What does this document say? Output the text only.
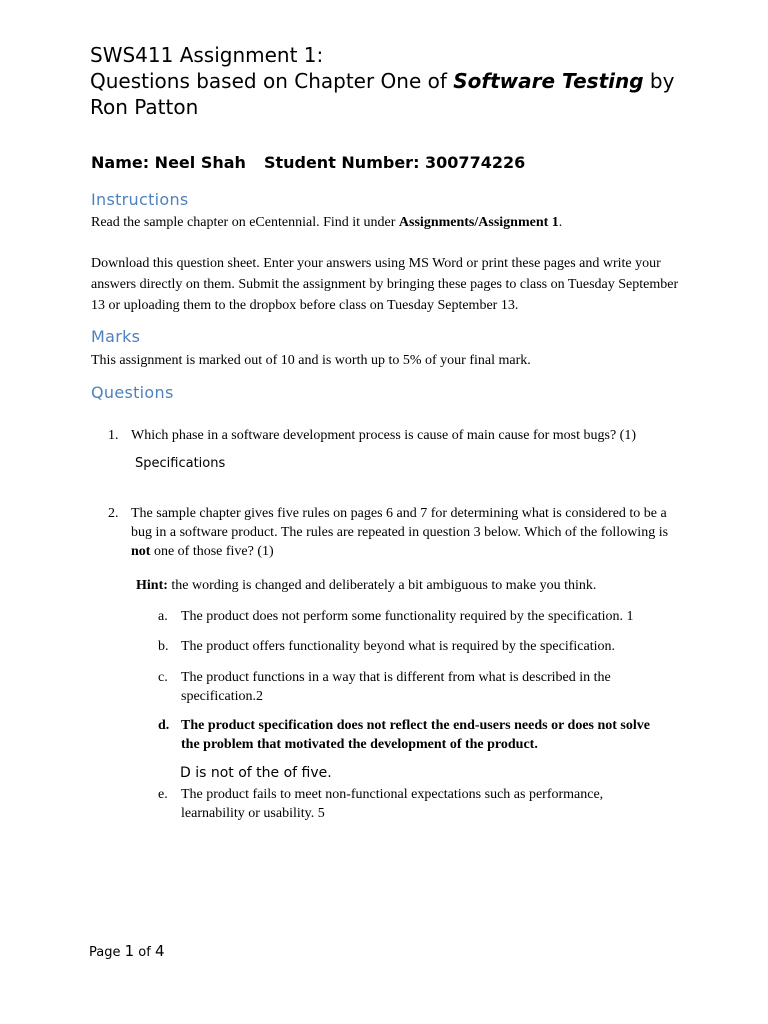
SWS411 Assignment 1:
Questions based on Chapter One of Software Testing by
Ron Patton
Name: Neel Shah Student Number: 300774226
Instructions
Read the sample chapter on eCentennial. Find it under Assignments/Assignment 1.
Download this question sheet. Enter your answers using MS Word or print these pages and write your answers directly on them. Submit the assignment by bringing these pages to class on Tuesday September 13 or uploading them to the dropbox before class on Tuesday September 13.
Marks
This assignment is marked out of 10 and is worth up to 5% of your final mark.
Questions
1. Which phase in a software development process is cause of main cause for most bugs? (1)
Specifications
2. The sample chapter gives five rules on pages 6 and 7 for determining what is considered to be a bug in a software product. The rules are repeated in question 3 below. Which of the following is not one of those five? (1)
Hint: the wording is changed and deliberately a bit ambiguous to make you think.
a. The product does not perform some functionality required by the specification. 1
b. The product offers functionality beyond what is required by the specification.
c. The product functions in a way that is different from what is described in the specification.2
d. The product specification does not reflect the end-users needs or does not solve the problem that motivated the development of the product.
D is not of the of five.
e. The product fails to meet non-functional expectations such as performance, learnability or usability. 5
Page 1 of 4
